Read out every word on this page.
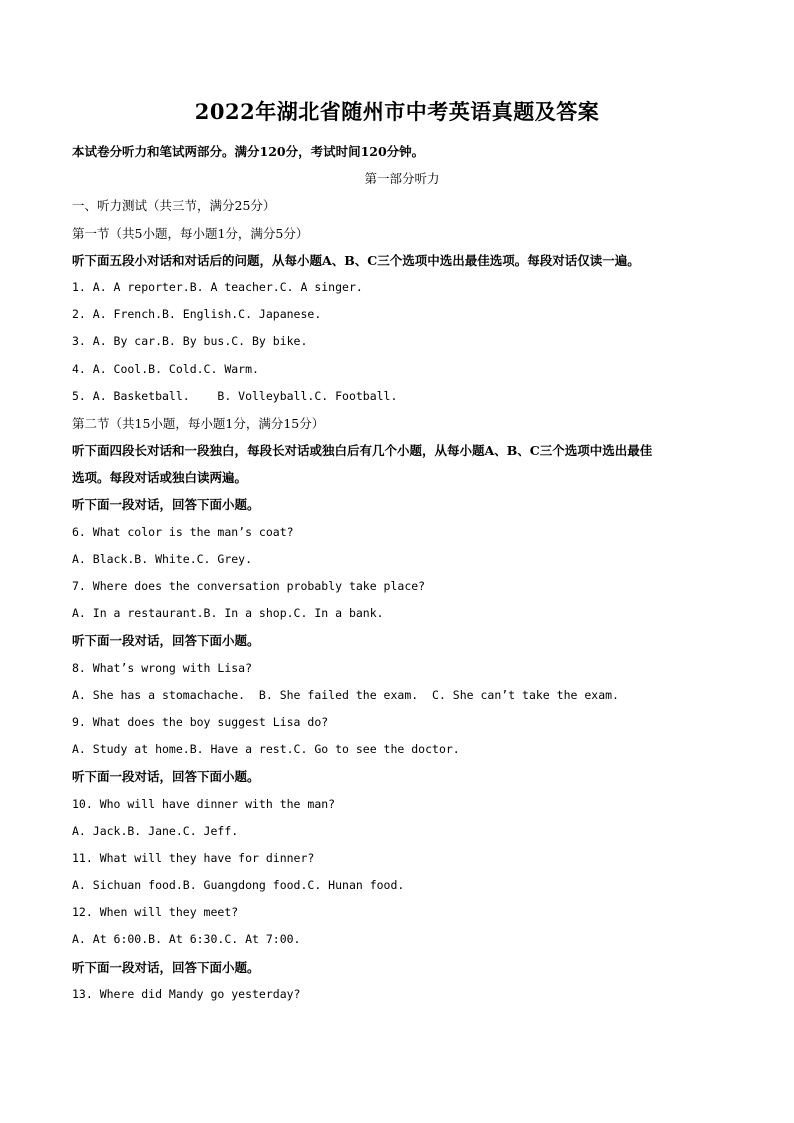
2022年湖北省随州市中考英语真题及答案
本试卷分听力和笔试两部分。满分120分，考试时间120分钟。
第一部分听力
一、听力测试（共三节，满分25分）
第一节（共5小题，每小题1分，满分5分）
听下面五段小对话和对话后的问题，从每小题A、B、C三个选项中选出最佳选项。每段对话仅读一遍。
1. A. A reporter.B. A teacher.C. A singer.
2. A. French.B. English.C. Japanese.
3. A. By car.B. By bus.C. By bike.
4. A. Cool.B. Cold.C. Warm.
5. A. Basketball.    B. Volleyball.C. Football.
第二节（共15小题，每小题1分，满分15分）
听下面四段长对话和一段独白，每段长对话或独白后有几个小题，从每小题A、B、C三个选项中选出最佳
选项。每段对话或独白读两遍。
听下面一段对话，回答下面小题。
6. What color is the man’s coat?
A. Black.B. White.C. Grey.
7. Where does the conversation probably take place?
A. In a restaurant.B. In a shop.C. In a bank.
听下面一段对话，回答下面小题。
8. What’s wrong with Lisa?
A. She has a stomachache.  B. She failed the exam.  C. She can’t take the exam.
9. What does the boy suggest Lisa do?
A. Study at home.B. Have a rest.C. Go to see the doctor.
听下面一段对话，回答下面小题。
10. Who will have dinner with the man?
A. Jack.B. Jane.C. Jeff.
11. What will they have for dinner?
A. Sichuan food.B. Guangdong food.C. Hunan food.
12. When will they meet?
A. At 6:00.B. At 6:30.C. At 7:00.
听下面一段对话，回答下面小题。
13. Where did Mandy go yesterday?
